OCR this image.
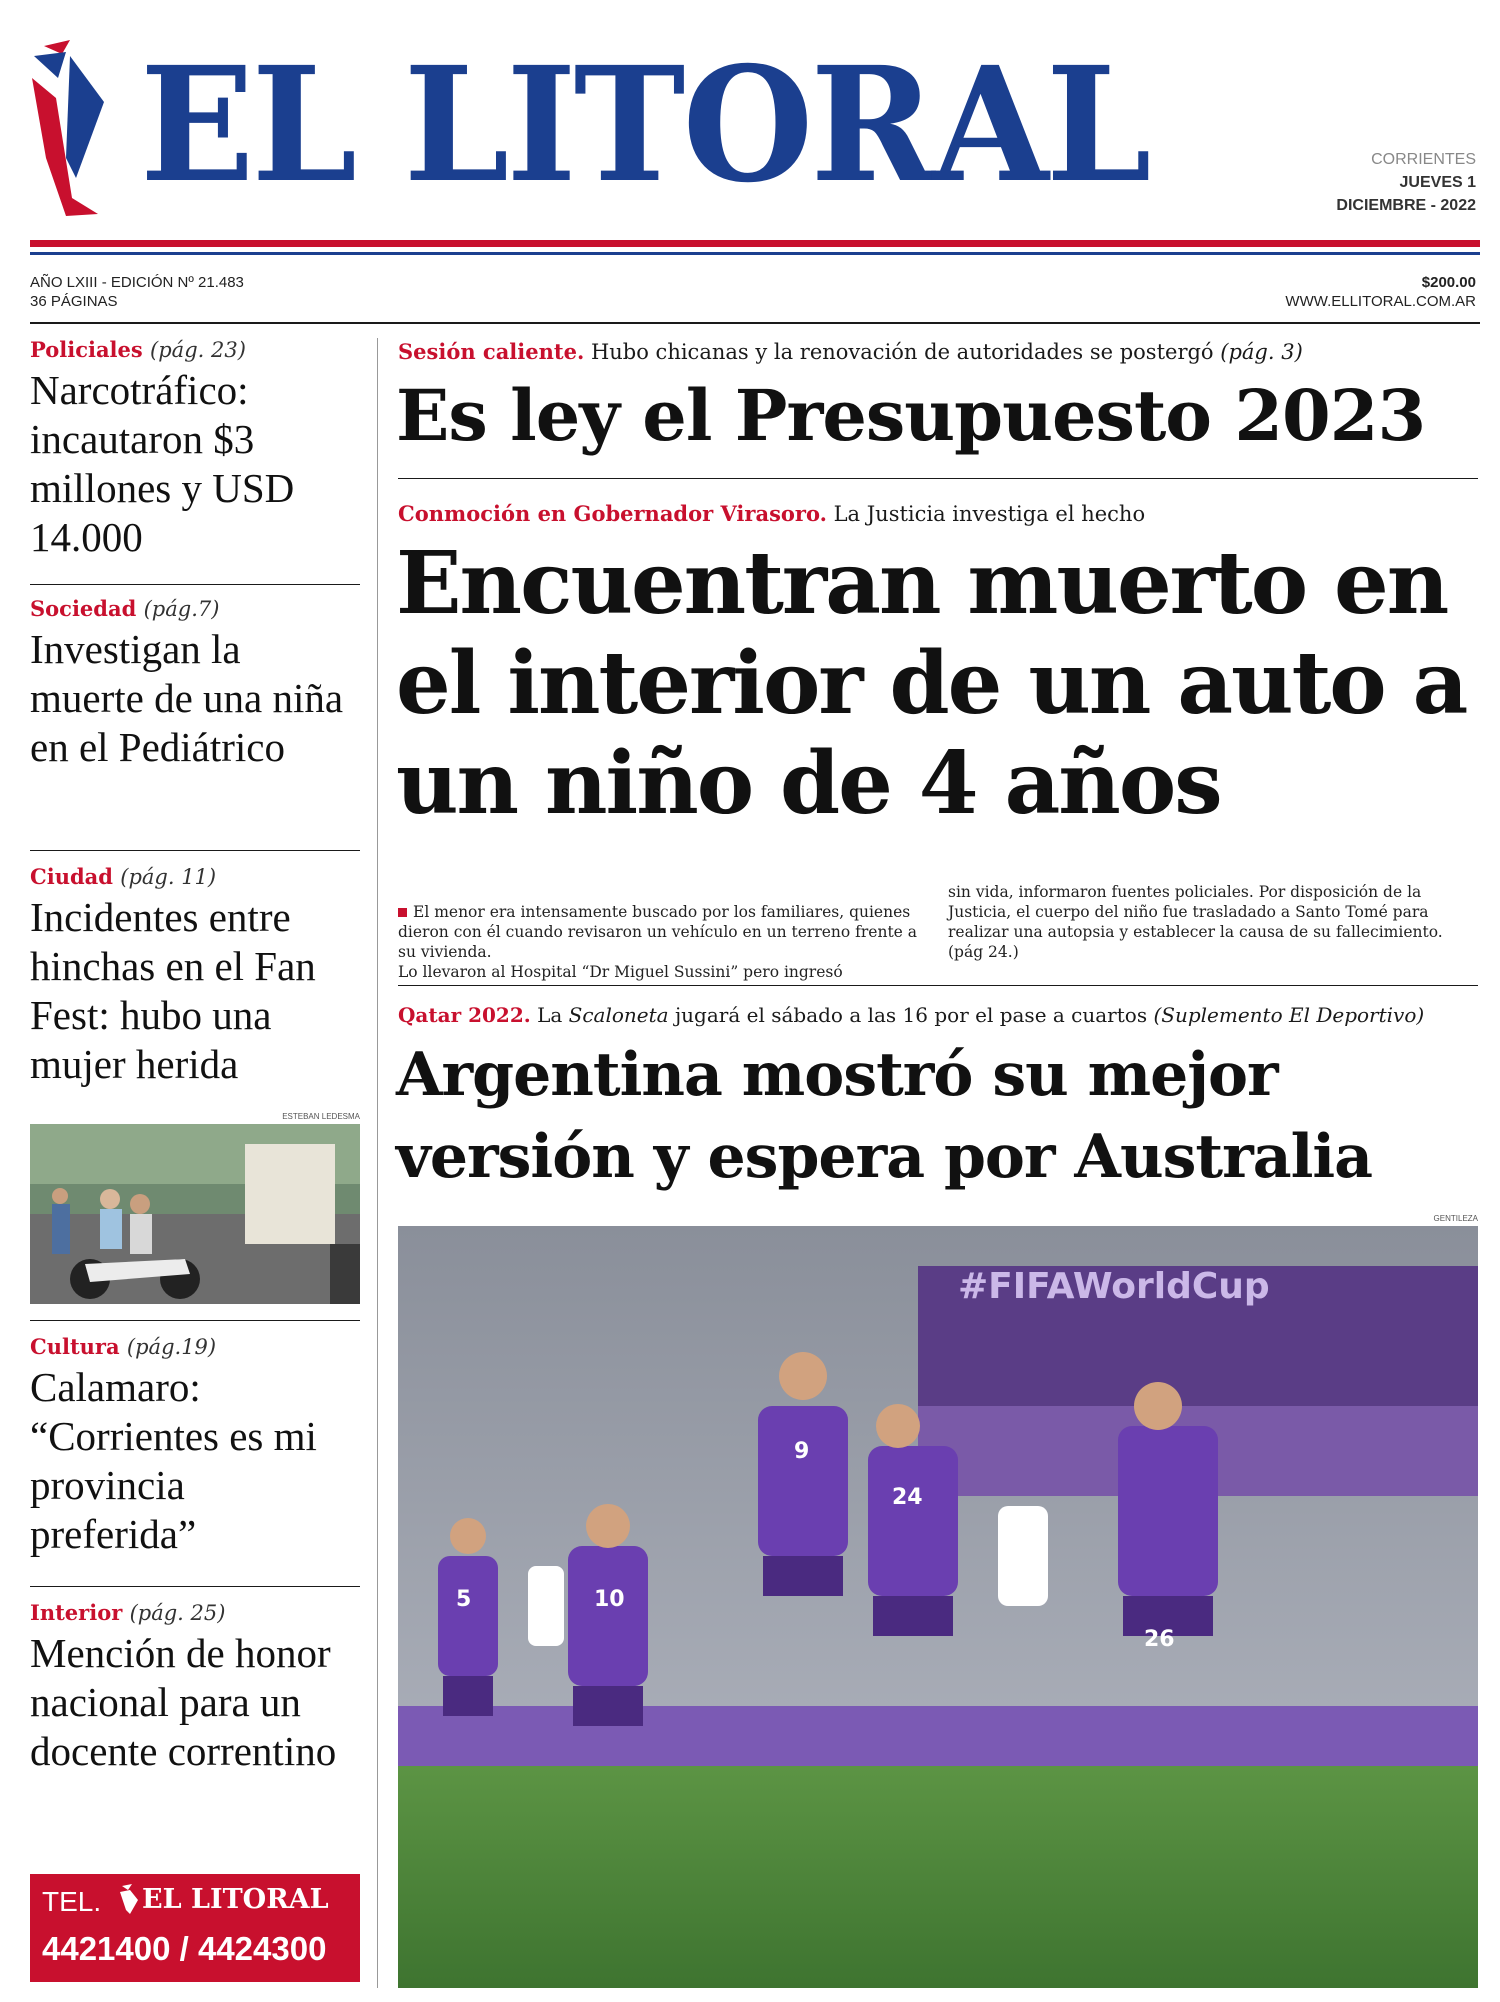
EL LITORAL	CORRIENTES
JUEVES 1
DICIEMBRE - 2022
AÑO LXIII - EDICIÓN Nº 21.483
36 PÁGINAS
$200.00
WWW.ELLITORAL.COM.AR
Policiales (pág. 23)
Narcotráfico: incautaron $3 millones y USD 14.000
Sociedad (pág.7)
Investigan la muerte de una niña en el Pediátrico
Ciudad (pág. 11)
Incidentes entre hinchas en el Fan Fest: hubo una mujer herida
ESTEBAN LEDESMA
Cultura (pág.19)
Calamaro: “Corrientes es mi provincia preferida”
Interior (pág. 25)
Mención de honor nacional para un docente correntino
TEL. EL LITORAL
4421400 / 4424300
Sesión caliente. Hubo chicanas y la renovación de autoridades se postergó (pág. 3)
Es ley el Presupuesto 2023
Conmoción en Gobernador Virasoro. La Justicia investiga el hecho
Encuentran muerto en el interior de un auto a un niño de 4 años

El menor era intensamente buscado por los familiares, quienes dieron con él cuando revisaron un vehículo en un terreno frente a su vivienda.
Lo llevaron al Hospital “Dr Miguel Sussini” pero ingresó

sin vida, informaron fuentes policiales. Por disposición de la Justicia, el cuerpo del niño fue trasladado a Santo Tomé para realizar una autopsia y establecer la causa de su fallecimiento. (pág 24.)
Qatar 2022. La Scaloneta jugará el sábado a las 16 por el pase a cuartos (Suplemento El Deportivo)
Argentina mostró su mejor versión y espera por Australia
GENTILEZA
#FIFAWorldCup
5	10
9
24
26
